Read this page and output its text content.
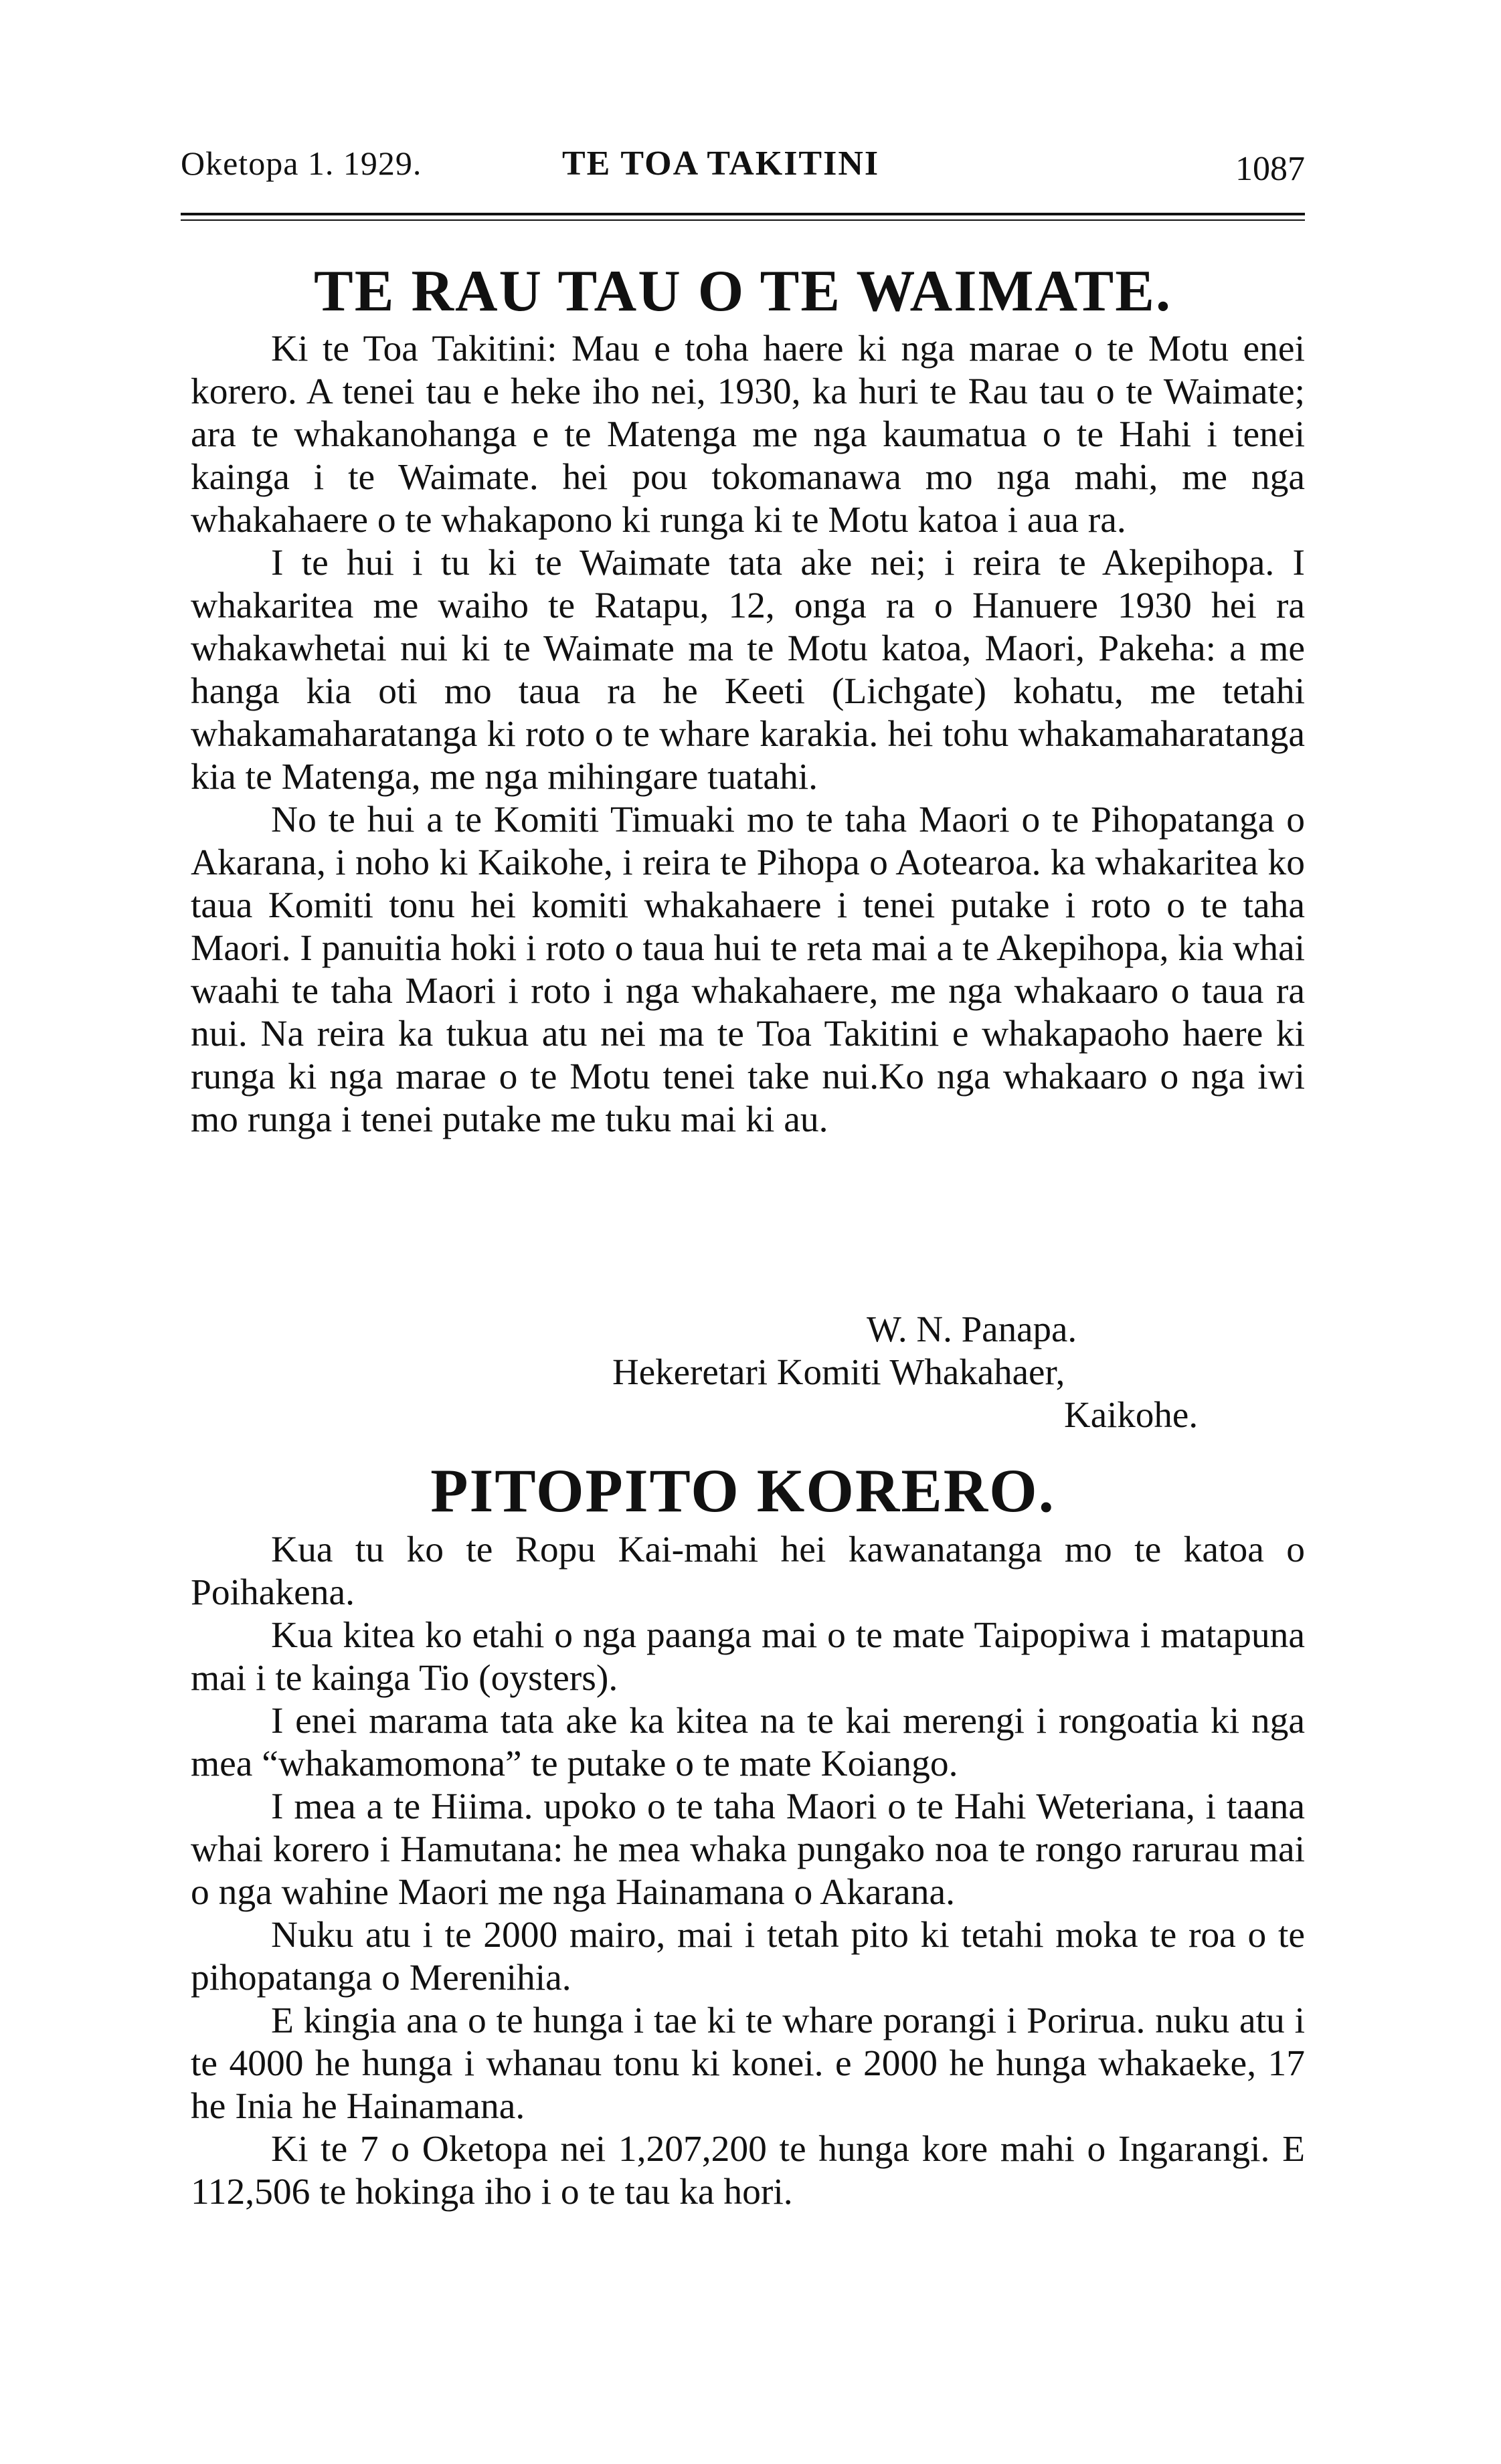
Oketopa 1. 1929.	TE TOA TAKITINI	1087
TE RAU TAU O TE WAIMATE.

Ki te Toa Takitini: Mau e toha haere ki nga marae o te Motu enei korero. A tenei tau e heke iho nei, 1930, ka huri te Rau tau o te Waimate; ara te whakanohanga e te Matenga me nga kaumatua o te Hahi i tenei kainga i te Waimate. hei pou tokomanawa mo nga mahi, me nga whakahaere o te whakapono ki runga ki te Motu katoa i aua ra.

I te hui i tu ki te Waimate tata ake nei; i reira te Akepihopa. I whakaritea me waiho te Ratapu, 12, onga ra o Hanuere 1930 hei ra whakawhetai nui ki te Waimate ma te Motu katoa, Maori, Pakeha: a me hanga kia oti mo taua ra he Keeti (Lichgate) kohatu, me tetahi whakamaharatanga ki roto o te whare karakia. hei tohu whakamaharatanga kia te Matenga, me nga mihingare tuatahi.

No te hui a te Komiti Timuaki mo te taha Maori o te Pihopatanga o Akarana, i noho ki Kaikohe, i reira te Pihopa o Aotearoa. ka whakaritea ko taua Komiti tonu hei komiti whakahaere i tenei putake i roto o te taha Maori. I panuitia hoki i roto o taua hui te reta mai a te Akepihopa, kia whai waahi te taha Maori i roto i nga whakahaere, me nga whakaaro o taua ra nui. Na reira ka tukua atu nei ma te Toa Takitini e whakapaoho haere ki runga ki nga marae o te Motu tenei take nui.Ko nga whakaaro o nga iwi mo runga i tenei putake me tuku mai ki au.

W. N. Panapa.
Hekeretari Komiti Whakahaer,
Kaikohe.
PITOPITO KORERO.

Kua tu ko te Ropu Kai-mahi hei kawanatanga mo te katoa o Poihakena.

Kua kitea ko etahi o nga paanga mai o te mate Taipopiwa i matapuna mai i te kainga Tio (oysters).

I enei marama tata ake ka kitea na te kai merengi i rongoatia ki nga mea “whakamomona” te putake o te mate Koiango.

I mea a te Hiima. upoko o te taha Maori o te Hahi Weteriana, i taana whai korero i Hamutana: he mea whaka pungako noa te rongo rarurau mai o nga wahine Maori me nga Hainamana o Akarana.

Nuku atu i te 2000 mairo, mai i tetah pito ki tetahi moka te roa o te pihopatanga o Merenihia.

E kingia ana o te hunga i tae ki te whare porangi i Porirua. nuku atu i te 4000 he hunga i whanau tonu ki konei. e 2000 he hunga whakaeke, 17 he Inia he Hainamana.

Ki te 7 o Oketopa nei 1,207,200 te hunga kore mahi o Ingarangi. E 112,506 te hokinga iho i o te tau ka hori.
